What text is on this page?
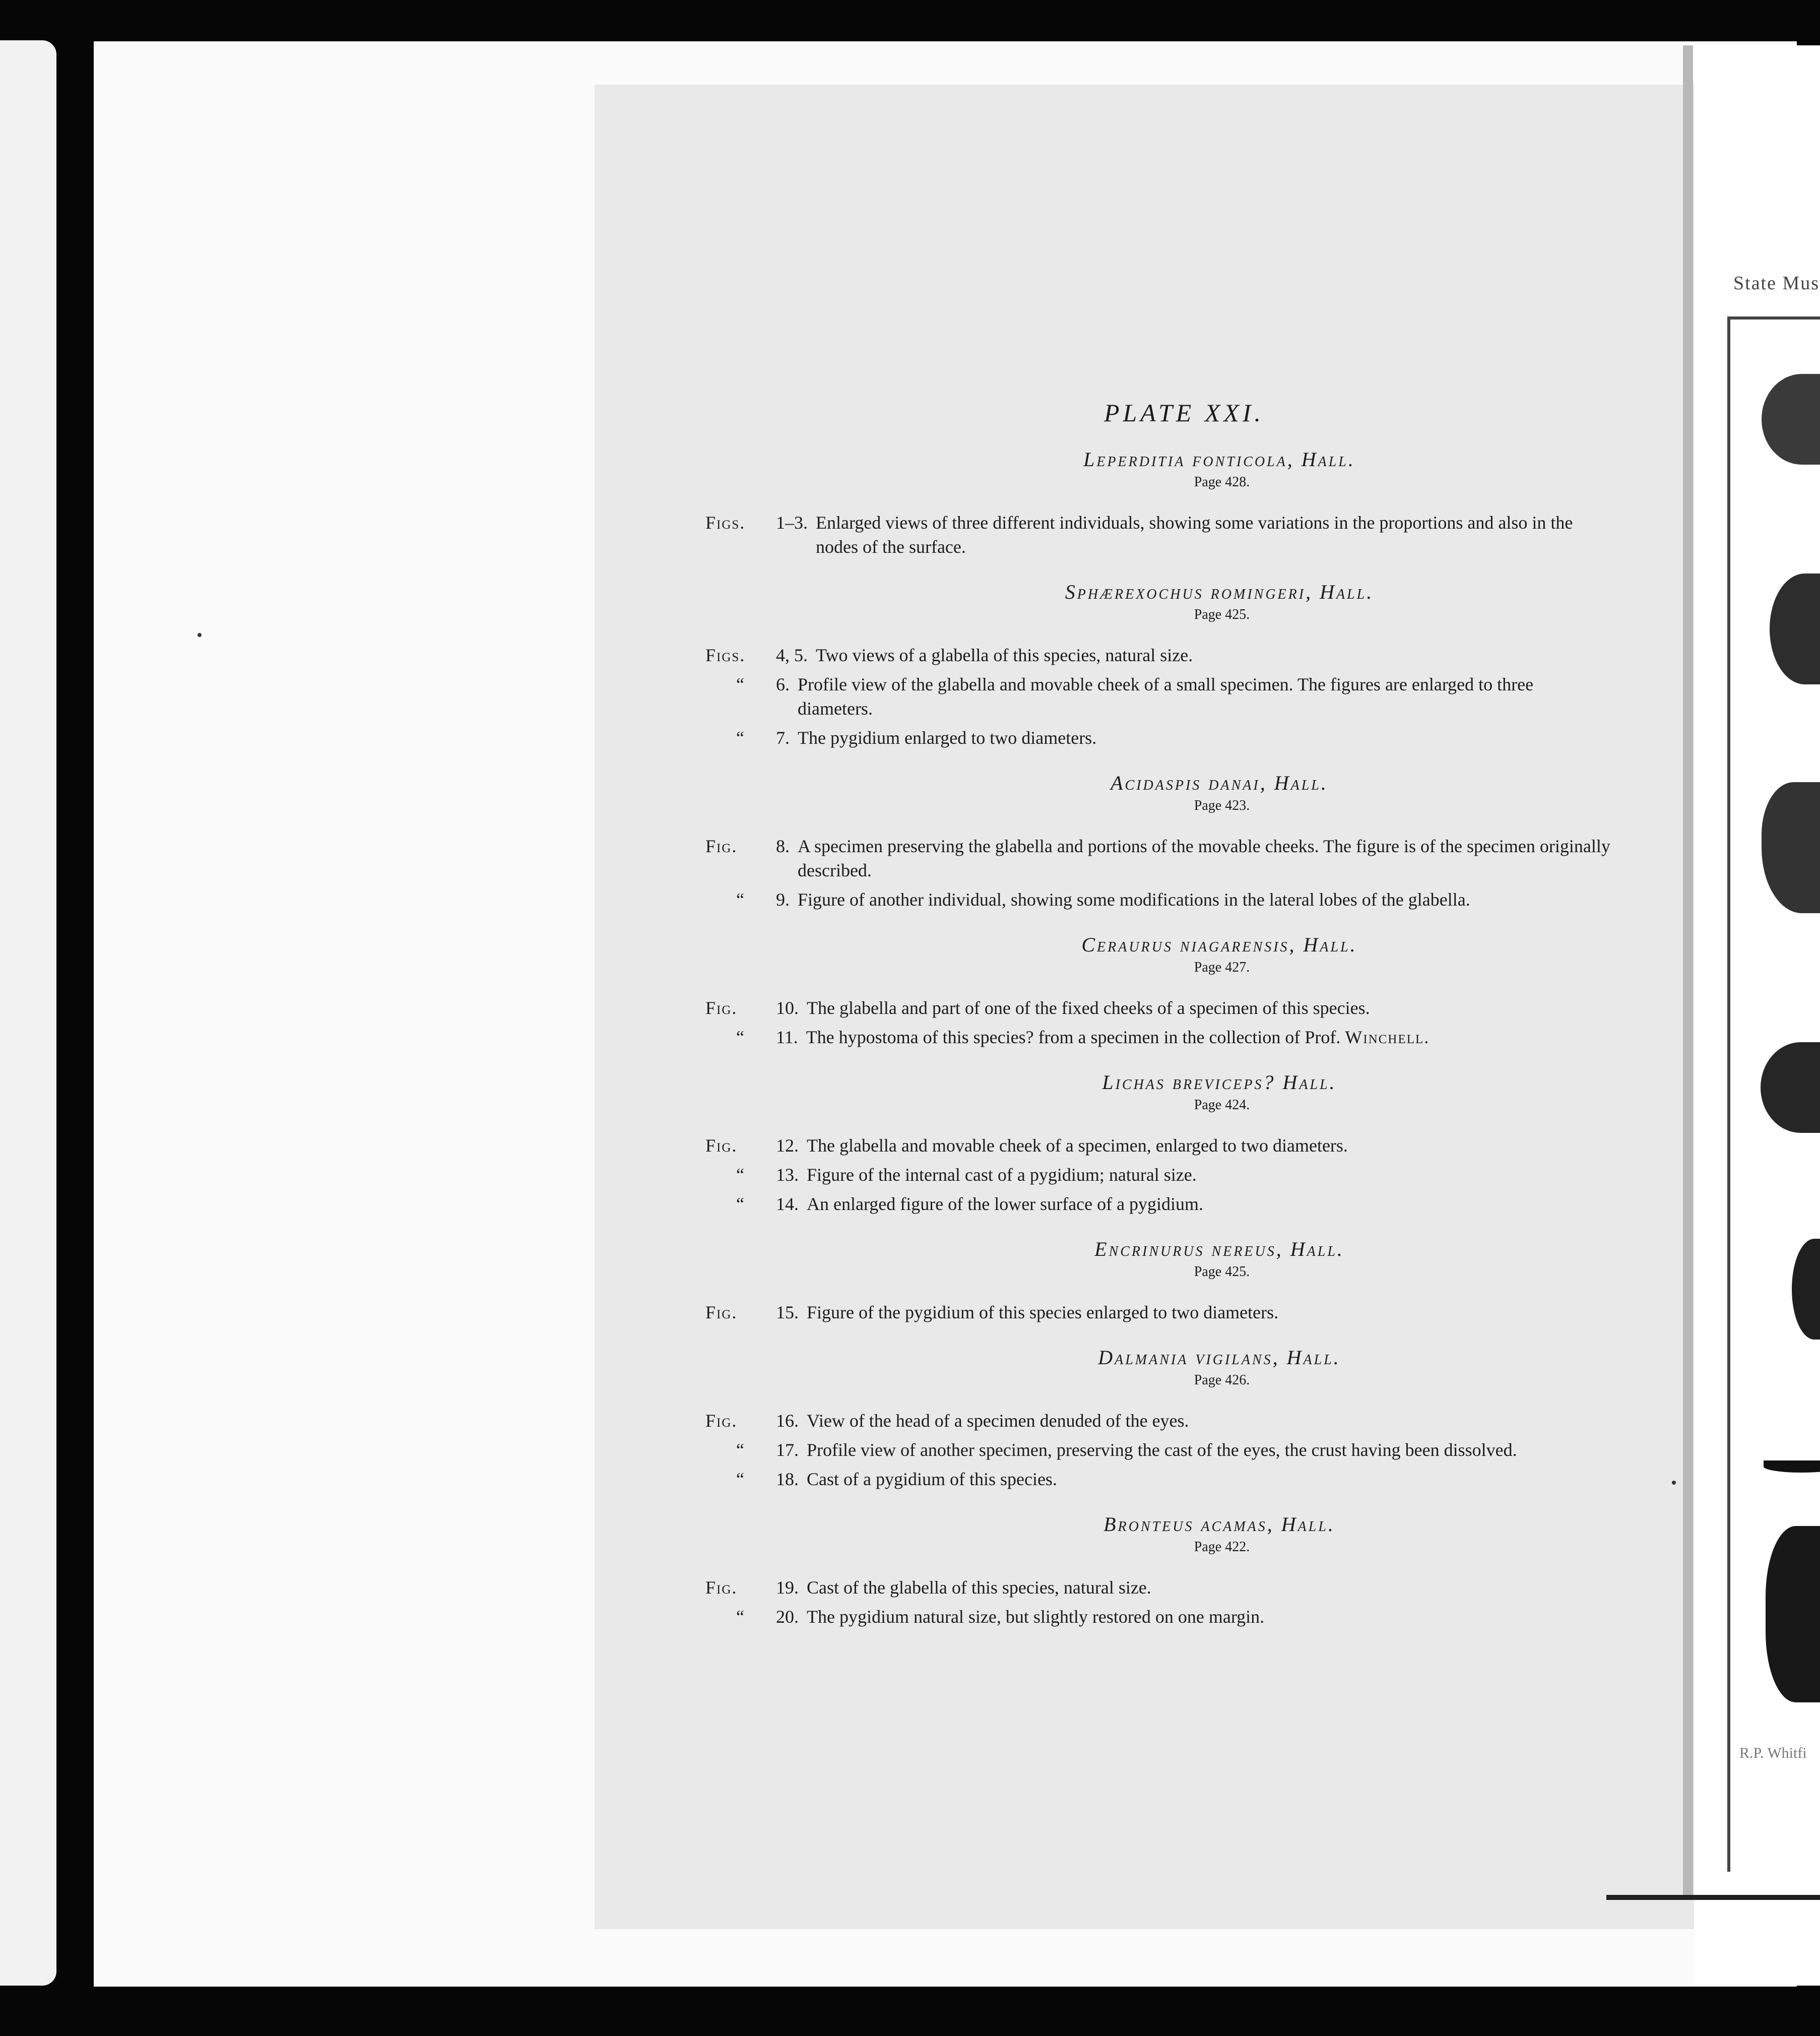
State Mus
R.P. Whitfi
PLATE XXI.
Leperditia fonticola, Hall.
Page 428.
Figs.	1–3. Enlarged views of three different individuals, showing some variations in the proportions and also in the nodes of the surface.
Sphærexochus romingeri, Hall.
Page 425.
Figs.	4, 5. Two views of a glabella of this species, natural size.
“	6. Profile view of the glabella and movable cheek of a small specimen. The figures are enlarged to three diameters.
“	7. The pygidium enlarged to two diameters.
Acidaspis danai, Hall.
Page 423.
Fig.	8. A specimen preserving the glabella and portions of the movable cheeks. The figure is of the specimen originally described.
“	9. Figure of another individual, showing some modifications in the lateral lobes of the glabella.
Ceraurus niagarensis, Hall.
Page 427.
Fig.	10. The glabella and part of one of the fixed cheeks of a specimen of this species.
“	11. The hypostoma of this species? from a specimen in the collection of Prof. Winchell.
Lichas breviceps? Hall.
Page 424.
Fig.	12. The glabella and movable cheek of a specimen, enlarged to two diameters.
“	13. Figure of the internal cast of a pygidium; natural size.
“	14. An enlarged figure of the lower surface of a pygidium.
Encrinurus nereus, Hall.
Page 425.
Fig.	15. Figure of the pygidium of this species enlarged to two diameters.
Dalmania vigilans, Hall.
Page 426.
Fig.	16. View of the head of a specimen denuded of the eyes.
“	17. Profile view of another specimen, preserving the cast of the eyes, the crust having been dissolved.
“	18. Cast of a pygidium of this species.
Bronteus acamas, Hall.
Page 422.
Fig.	19. Cast of the glabella of this species, natural size.
“	20. The pygidium natural size, but slightly restored on one margin.
